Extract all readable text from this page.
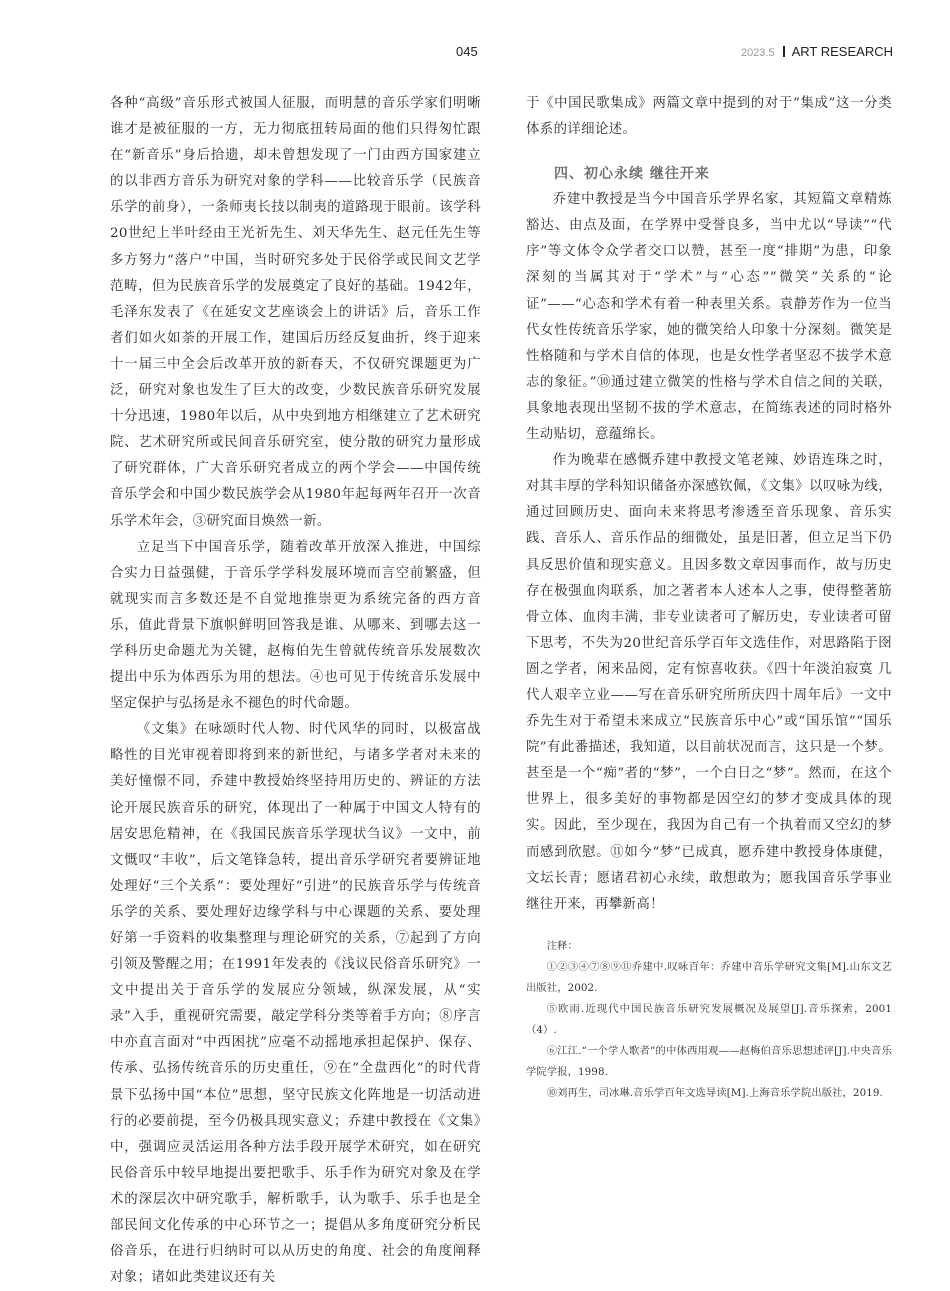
045	2023.5 ART RESEARCH

各种“高级”音乐形式被国人征服，而明慧的音乐学家们明晰谁才是被征服的一方，无力彻底扭转局面的他们只得匆忙跟在“新音乐”身后拾遗，却未曾想发现了一门由西方国家建立的以非西方音乐为研究对象的学科——比较音乐学（民族音乐学的前身），一条师夷长技以制夷的道路现于眼前。该学科20世纪上半叶经由王光祈先生、刘天华先生、赵元任先生等多方努力“落户”中国，当时研究多处于民俗学或民间文艺学范畴，但为民族音乐学的发展奠定了良好的基础。1942年，毛泽东发表了《在延安文艺座谈会上的讲话》后，音乐工作者们如火如荼的开展工作，建国后历经反复曲折，终于迎来十一届三中全会后改革开放的新春天，不仅研究课题更为广泛，研究对象也发生了巨大的改变，少数民族音乐研究发展十分迅速，1980年以后，从中央到地方相继建立了艺术研究院、艺术研究所或民间音乐研究室，使分散的研究力量形成了研究群体，广大音乐研究者成立的两个学会——中国传统音乐学会和中国少数民族学会从1980年起每两年召开一次音乐学术年会，③研究面目焕然一新。

立足当下中国音乐学，随着改革开放深入推进，中国综合实力日益强健，于音乐学学科发展环境而言空前繁盛，但就现实而言多数还是不自觉地推崇更为系统完备的西方音乐，值此背景下旗帜鲜明回答我是谁、从哪来、到哪去这一学科历史命题尤为关键，赵梅伯先生曾就传统音乐发展数次提出中乐为体西乐为用的想法。④也可见于传统音乐发展中坚定保护与弘扬是永不褪色的时代命题。

《文集》在咏颂时代人物、时代风华的同时，以极富战略性的目光审视着即将到来的新世纪，与诸多学者对未来的美好憧憬不同，乔建中教授始终坚持用历史的、辨证的方法论开展民族音乐的研究，体现出了一种属于中国文人特有的居安思危精神，在《我国民族音乐学现状刍议》一文中，前文慨叹“丰收”，后文笔锋急转，提出音乐学研究者要辨证地处理好“三个关系”：要处理好“引进”的民族音乐学与传统音乐学的关系、要处理好边缘学科与中心课题的关系、要处理好第一手资料的收集整理与理论研究的关系，⑦起到了方向引领及警醒之用；在1991年发表的《浅议民俗音乐研究》一文中提出关于音乐学的发展应分领域，纵深发展，从“实录”入手，重视研究需要，敲定学科分类等着手方向；⑧序言中亦直言面对“中西困扰”应毫不动摇地承担起保护、保存、传承、弘扬传统音乐的历史重任，⑨在“全盘西化”的时代背景下弘扬中国“本位”思想，坚守民族文化阵地是一切活动进行的必要前提，至今仍极具现实意义；乔建中教授在《文集》中，强调应灵活运用各种方法手段开展学术研究，如在研究民俗音乐中较早地提出要把歌手、乐手作为研究对象及在学术的深层次中研究歌手，解析歌手，认为歌手、乐手也是全部民间文化传承的中心环节之一；提倡从多角度研究分析民俗音乐，在进行归纳时可以从历史的角度、社会的角度阐释对象；诸如此类建议还有关

于《中国民歌集成》两篇文章中提到的对于“集成”这一分类体系的详细论述。

四、初心永续 继往开来

乔建中教授是当今中国音乐学界名家，其短篇文章精炼豁达、由点及面，在学界中受誉良多，当中尤以“导读”“代序”等文体令众学者交口以赞，甚至一度“排期”为患，印象深刻的当属其对于“学术”与“心态”“微笑”关系的“论证”——“心态和学术有着一种表里关系。袁静芳作为一位当代女性传统音乐学家，她的微笑给人印象十分深刻。微笑是性格随和与学术自信的体现，也是女性学者坚忍不拔学术意志的象征。”⑩通过建立微笑的性格与学术自信之间的关联，具象地表现出坚韧不拔的学术意志，在简练表述的同时格外生动贴切，意蕴绵长。

作为晚辈在感慨乔建中教授文笔老辣、妙语连珠之时，对其丰厚的学科知识储备亦深感钦佩，《文集》以叹咏为线，通过回顾历史、面向未来将思考渗透至音乐现象、音乐实践、音乐人、音乐作品的细微处，虽是旧著，但立足当下仍具反思价值和现实意义。且因多数文章因事而作，故与历史存在极强血肉联系，加之著者本人述本人之事，使得整著筋骨立体、血肉丰满，非专业读者可了解历史，专业读者可留下思考，不失为20世纪音乐学百年文选佳作，对思路陷于囹圄之学者，闲来品阅，定有惊喜收获。《四十年淡泊寂寞 几代人艰辛立业——写在音乐研究所所庆四十周年后》一文中乔先生对于希望未来成立“民族音乐中心”或“国乐馆”“国乐院”有此番描述，我知道，以目前状况而言，这只是一个梦。甚至是一个“痴”者的“梦”，一个白日之“梦”。然而，在这个世界上，很多美好的事物都是因空幻的梦才变成具体的现实。因此，至少现在，我因为自己有一个执着而又空幻的梦而感到欣慰。⑪如今“梦”已成真，愿乔建中教授身体康健，文坛长青；愿诸君初心永续，敢想敢为；愿我国音乐学事业继往开来，再攀新高！

注释：

①②③④⑦⑧⑨⑪乔建中.叹咏百年：乔建中音乐学研究文集[M].山东文艺出版社，2002.

⑤欧雨.近现代中国民族音乐研究发展概况及展望[J].音乐探索，2001（4）.

⑥江江.“一个学人歌者”的中体西用观——赵梅伯音乐思想述评[J].中央音乐学院学报，1998.

⑩刘再生，司冰琳.音乐学百年文选导读[M].上海音乐学院出版社，2019.
